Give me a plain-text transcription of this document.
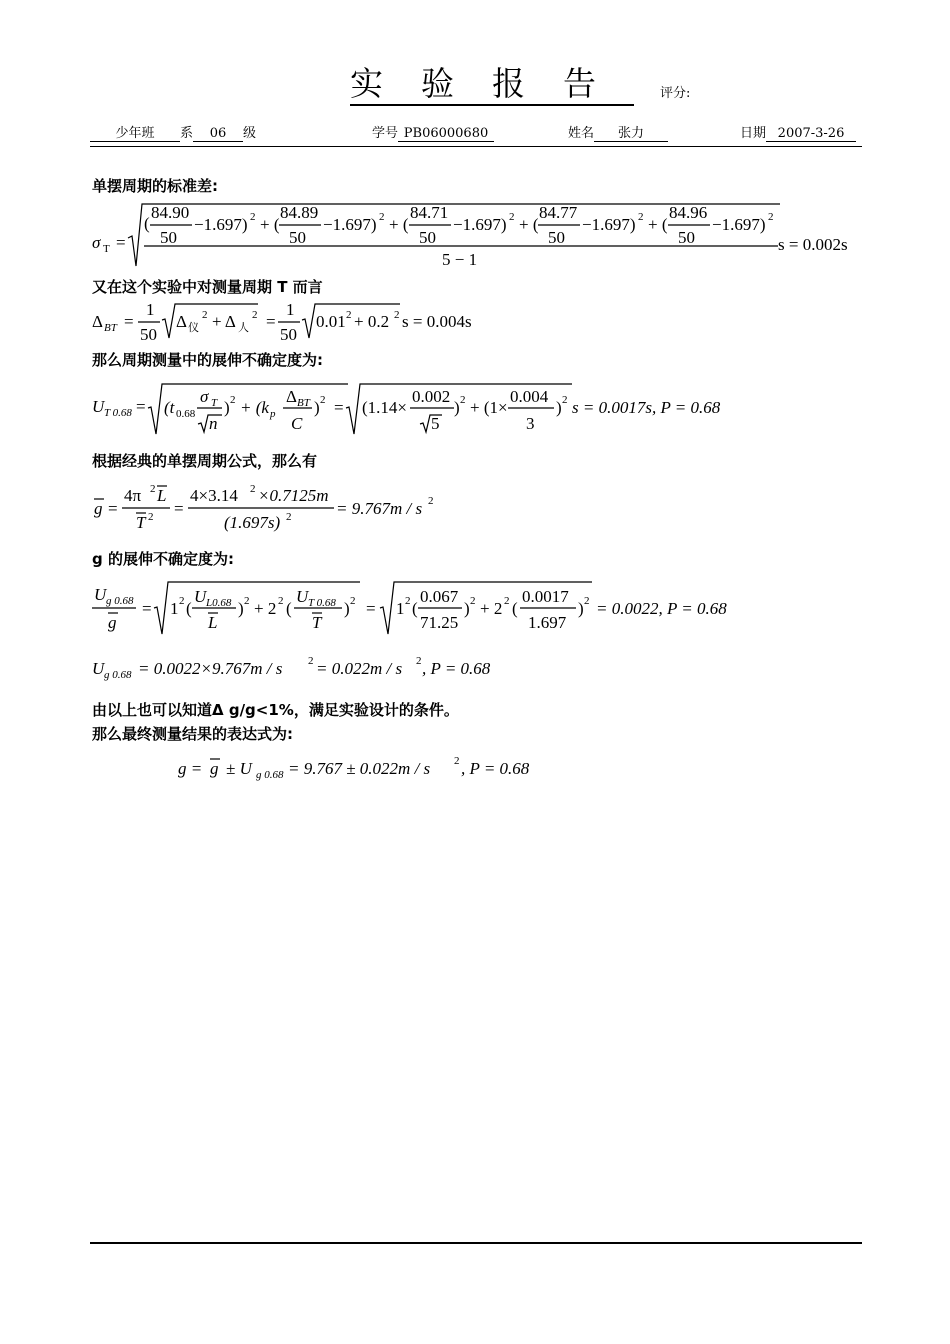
实验报告 评分:
少年班 系 06 级	学号 PB06000680	姓名 张力	日期 2007-3-26
单摆周期的标准差:
σ T =
(
84.90
50
−1.697) 2 + (
84.89
50
−1.697) 2 + (
84.71
50
−1.697) 2 + (
84.77
50
−1.697) 2 + (
84.96
50
−1.697) 2
5 − 1
s = 0.002s
又在这个实验中对测量周期 T 而言
Δ BT =
1
50
Δ 仪
2 + Δ 人
2 =
1
50
0.01 2 + 0.2 2 s = 0.004s
那么周期测量中的展伸不确定度为:
U T 0.68 = (t 0.68
σ T
n
) 2 + (k p
Δ BT
C
) 2 = (1.14×
0.002
5
) 2 + (1×
0.004
3
) 2 s = 0.0017s, P = 0.68
根据经典的单摆周期公式，那么有
g =
4π 2 L
T 2 =
4×3.14 2 ×0.7125m
(1.697s) 2	= 9.767m / s 2
g 的展伸不确定度为:
U g 0.68
g
= 1 2 (
U L0.68
L
) 2 + 2 2 (
U T 0.68
T
) 2 = 1 2 (
0.067
71.25
) 2 + 2 2 (
0.0017
1.697
) 2 = 0.0022, P = 0.68
U g 0.68 = 0.0022×9.767m / s 2 = 0.022m / s 2 , P = 0.68
由以上也可以知道Δ g/g<1%，满足实验设计的条件。
那么最终测量结果的表达式为:
g = g ± U g 0.68 = 9.767 ± 0.022m / s 2 , P = 0.68
